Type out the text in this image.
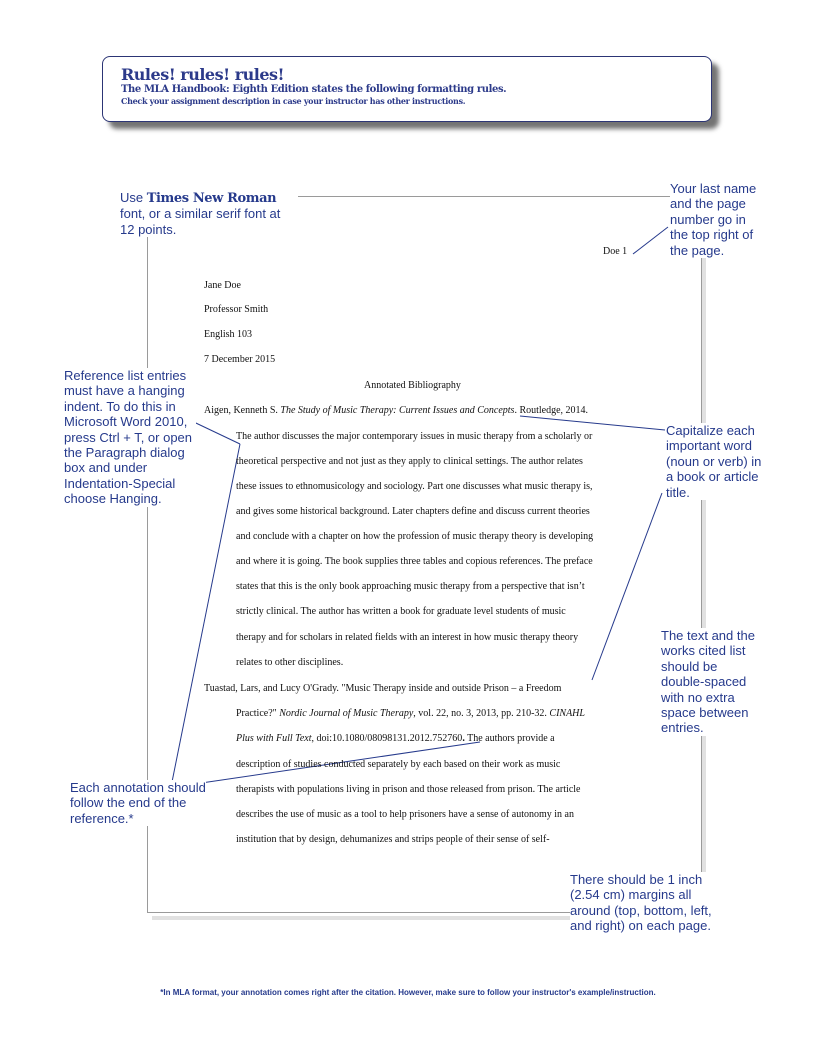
Rules! rules! rules!
The MLA Handbook: Eighth Edition states the following formatting rules.
Check your assignment description in case your instructor has other instructions.
Use Times New Roman font, or a similar serif font at 12 points.
Your last name and the page number go in the top right of the page.
Reference list entries must have a hanging indent. To do this in Microsoft Word 2010, press Ctrl + T, or open the Paragraph dialog box and under Indentation-Special choose Hanging.
Capitalize each important word (noun or verb) in a book or article title.
The text and the works cited list should be double-spaced with no extra space between entries.
Each annotation should follow the end of the reference.*
There should be 1 inch (2.54 cm) margins all around (top, bottom, left, and right) on each page.
Doe 1
Jane Doe
Professor Smith
English 103
7 December 2015
Annotated Bibliography
Aigen, Kenneth S. The Study of Music Therapy: Current Issues and Concepts. Routledge, 2014.
The author discusses the major contemporary issues in music therapy from a scholarly or
theoretical perspective and not just as they apply to clinical settings. The author relates
these issues to ethnomusicology and sociology. Part one discusses what music therapy is,
and gives some historical background. Later chapters define and discuss current theories
and conclude with a chapter on how the profession of music therapy theory is developing
and where it is going. The book supplies three tables and copious references. The preface
states that this is the only book approaching music therapy from a perspective that isn’t
strictly clinical. The author has written a book for graduate level students of music
therapy and for scholars in related fields with an interest in how music therapy theory
relates to other disciplines.
Tuastad, Lars, and Lucy O'Grady. "Music Therapy inside and outside Prison – a Freedom
Practice?" Nordic Journal of Music Therapy, vol. 22, no. 3, 2013, pp. 210-32. CINAHL
Plus with Full Text, doi:10.1080/08098131.2012.752760. The authors provide a
description of studies conducted separately by each based on their work as music
therapists with populations living in prison and those released from prison. The article
describes the use of music as a tool to help prisoners have a sense of autonomy in an
institution that by design, dehumanizes and strips people of their sense of self-
*In MLA format, your annotation comes right after the citation. However, make sure to follow your instructor's example/instruction.
